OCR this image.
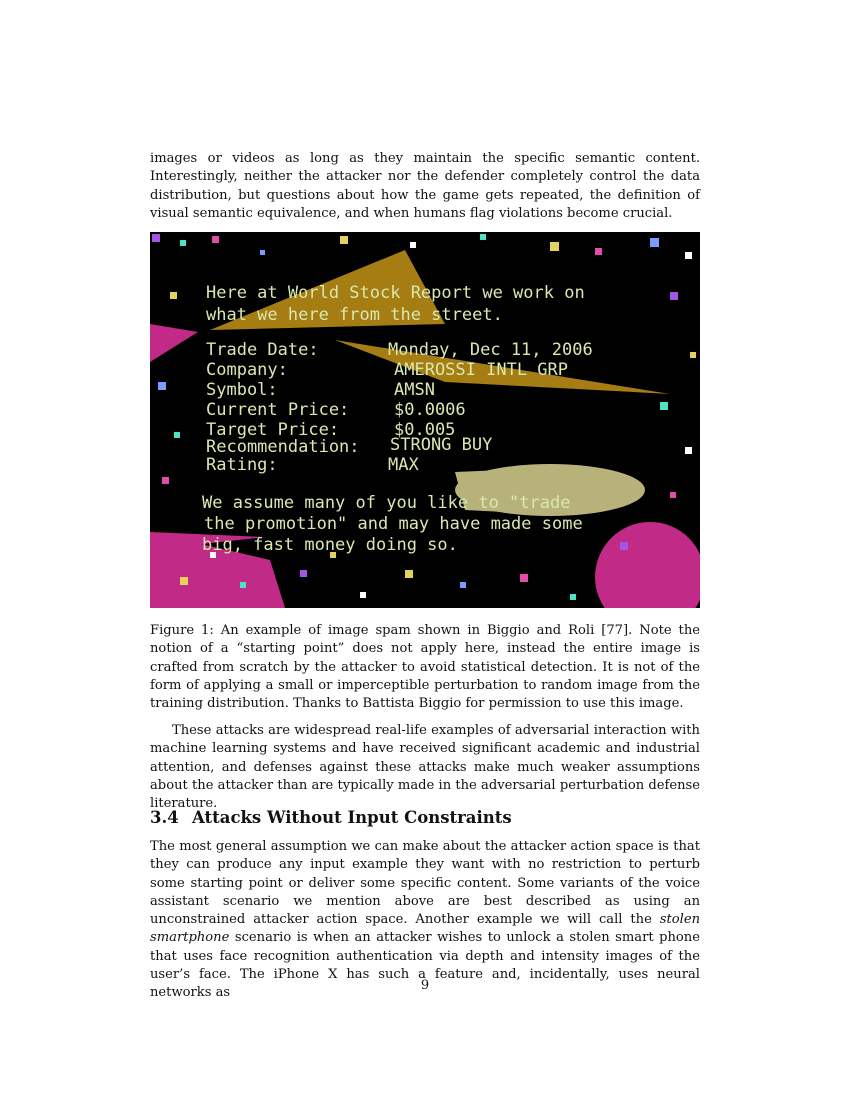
images or videos as long as they maintain the specific semantic content. Interestingly, neither the attacker nor the defender completely control the data distribution, but questions about how the game gets repeated, the definition of visual semantic equivalence, and when humans flag violations become crucial.

Here at World Stock Report we work on
what we here from the street.
Trade Date:	Monday, Dec 11, 2006
Company:	AMEROSSI INTL GRP
Symbol:	AMSN
Current Price:	$0.0006
Target Price:	$0.005
Recommendation: STRONG BUY
Rating:	MAX
We assume many of you like to "trade
the promotion" and may have made some
big, fast money doing so.

Figure 1: An example of image spam shown in Biggio and Roli [77]. Note the notion of a “starting point” does not apply here, instead the entire image is crafted from scratch by the attacker to avoid statistical detection. It is not of the form of applying a small or imperceptible perturbation to random image from the training distribution. Thanks to Battista Biggio for permission to use this image.

These attacks are widespread real-life examples of adversarial interaction with machine learning systems and have received significant academic and industrial attention, and defenses against these attacks make much weaker assumptions about the attacker than are typically made in the adversarial perturbation defense literature.

3.4 Attacks Without Input Constraints

The most general assumption we can make about the attacker action space is that they can produce any input example they want with no restriction to perturb some starting point or deliver some specific content. Some variants of the voice assistant scenario we mention above are best described as using an unconstrained attacker action space. Another example we will call the stolen smartphone scenario is when an attacker wishes to unlock a stolen smart phone that uses face recognition authentication via depth and intensity images of the user’s face. The iPhone X has such a feature and, incidentally, uses neural networks as	9
